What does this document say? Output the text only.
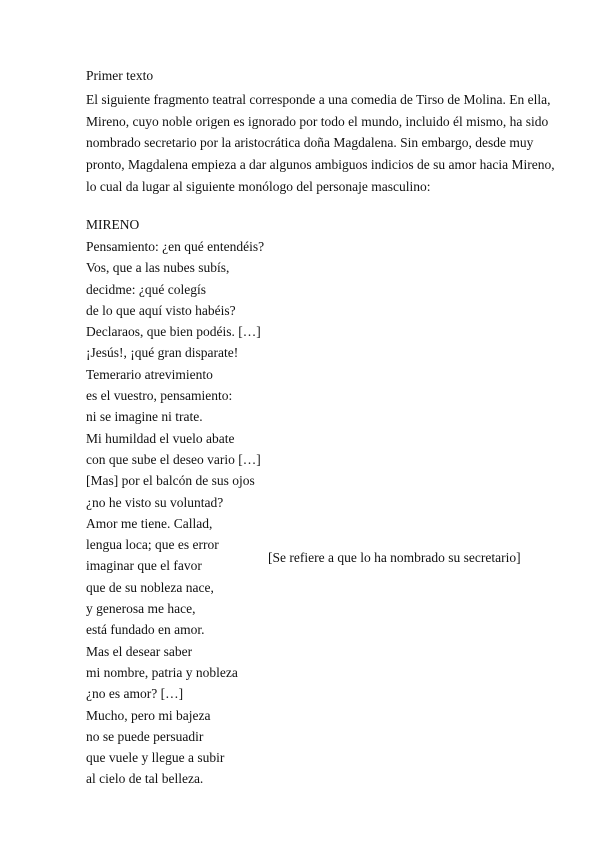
Primer texto
El siguiente fragmento teatral corresponde a una comedia de Tirso de Molina. En ella,
Mireno, cuyo noble origen es ignorado por todo el mundo, incluido él mismo, ha sido
nombrado secretario por la aristocrática doña Magdalena. Sin embargo, desde muy
pronto, Magdalena empieza a dar algunos ambiguos indicios de su amor hacia Mireno,
lo cual da lugar al siguiente monólogo del personaje masculino:
MIRENO
Pensamiento: ¿en qué entendéis?
Vos, que a las nubes subís,
decidme: ¿qué colegís
de lo que aquí visto habéis?
Declaraos, que bien podéis. […]
¡Jesús!, ¡qué gran disparate!
Temerario atrevimiento
es el vuestro, pensamiento:
ni se imagine ni trate.
Mi humildad el vuelo abate
con que sube el deseo vario […]
[Mas] por el balcón de sus ojos
¿no he visto su voluntad?
Amor me tiene. Callad,
lengua loca; que es error
imaginar que el favor
que de su nobleza nace,
y generosa me hace,
está fundado en amor.
Mas el desear saber
mi nombre, patria y nobleza
¿no es amor? […]
Mucho, pero mi bajeza
no se puede persuadir
que vuele y llegue a subir
al cielo de tal belleza.
[Se refiere a que lo ha nombrado su secretario]
